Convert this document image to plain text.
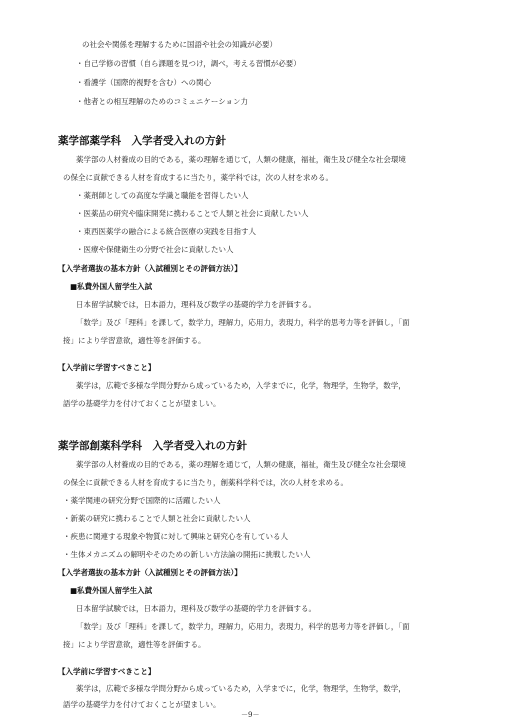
の社会や関係を理解するために国語や社会の知識が必要）
・自己学修の習慣（自ら課題を見つけ，調べ，考える習慣が必要）
・看護学（国際的視野を含む）への関心
・他者との相互理解のためのコミュニケーション力
薬学部薬学科　入学者受入れの方針
薬学部の人材養成の目的である，薬の理解を通じて，人類の健康，福祉，衛生及び健全な社会環境
の保全に貢献できる人材を育成するに当たり，薬学科では，次の人材を求める。
・薬剤師としての高度な学識と職能を習得したい人
・医薬品の研究や臨床開発に携わることで人類と社会に貢献したい人
・東西医薬学の融合による統合医療の実践を目指す人
・医療や保健衛生の分野で社会に貢献したい人
【入学者選抜の基本方針（入試種別とその評価方法）】
■私費外国人留学生入試
日本留学試験では，日本語力，理科及び数学の基礎的学力を評価する。
「数学」及び「理科」を課して，数学力，理解力，応用力，表現力，科学的思考力等を評価し，「面
接」により学習意欲，適性等を評価する。
【入学前に学習すべきこと】
薬学は，広範で多様な学問分野から成っているため，入学までに，化学，物理学，生物学，数学，
語学の基礎学力を付けておくことが望ましい。
薬学部創薬科学科　入学者受入れの方針
薬学部の人材養成の目的である，薬の理解を通じて，人類の健康，福祉，衛生及び健全な社会環境
の保全に貢献できる人材を育成するに当たり，創薬科学科では，次の人材を求める。
・薬学関連の研究分野で国際的に活躍したい人
・新薬の研究に携わることで人類と社会に貢献したい人
・疾患に関連する現象や物質に対して興味と研究心を有している人
・生体メカニズムの解明やそのための新しい方法論の開拓に挑戦したい人
【入学者選抜の基本方針（入試種別とその評価方法）】
■私費外国人留学生入試
日本留学試験では，日本語力，理科及び数学の基礎的学力を評価する。
「数学」及び「理科」を課して，数学力，理解力，応用力，表現力，科学的思考力等を評価し，「面
接」により学習意欲，適性等を評価する。
【入学前に学習すべきこと】
薬学は，広範で多様な学問分野から成っているため，入学までに，化学，物理学，生物学，数学，
語学の基礎学力を付けておくことが望ましい。
－9－
